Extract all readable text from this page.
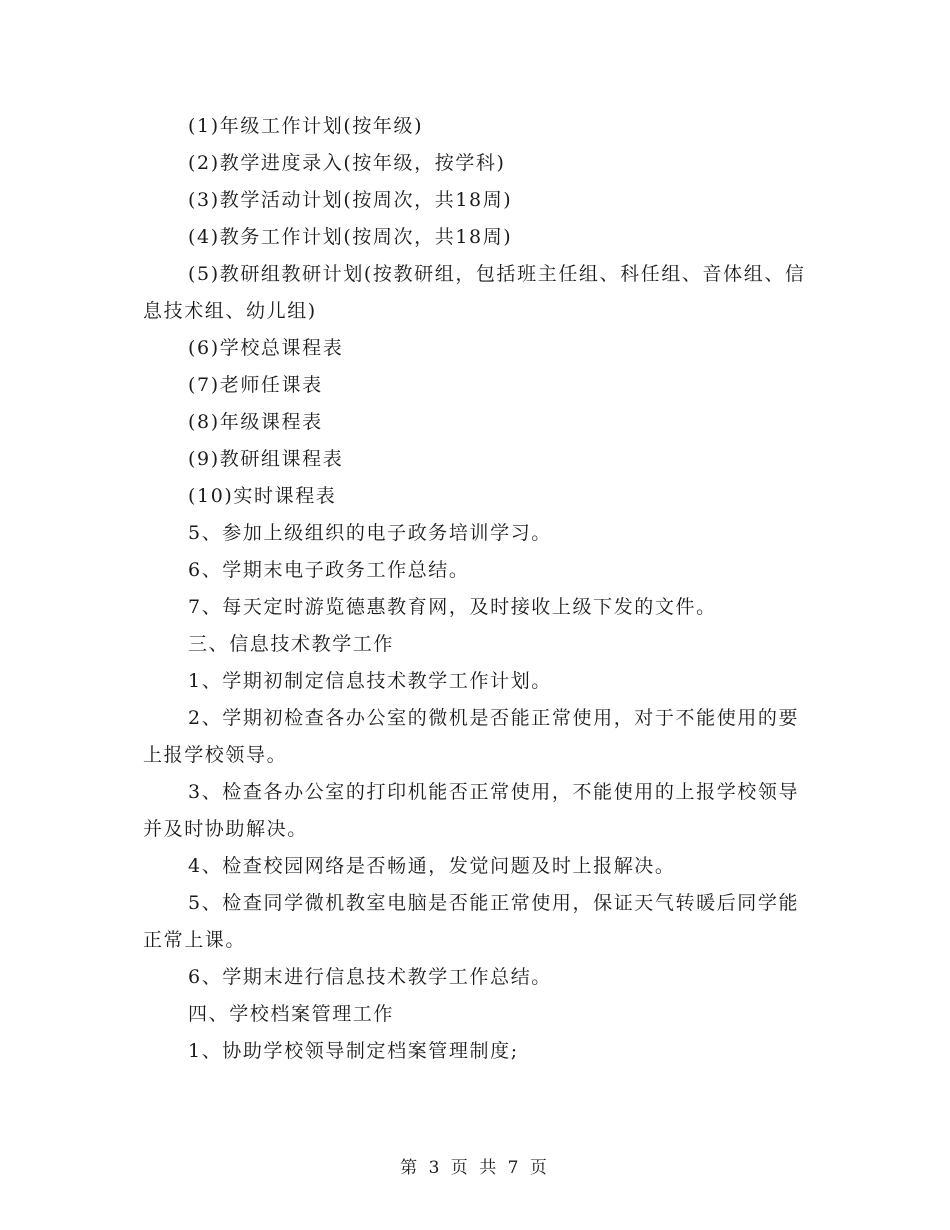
(1)年级工作计划(按年级)

(2)教学进度录入(按年级，按学科)

(3)教学活动计划(按周次，共18周)

(4)教务工作计划(按周次，共18周)

(5)教研组教研计划(按教研组，包括班主任组、科任组、音体组、信息技术组、幼儿组)

(6)学校总课程表

(7)老师任课表

(8)年级课程表

(9)教研组课程表

(10)实时课程表

5、参加上级组织的电子政务培训学习。

6、学期末电子政务工作总结。

7、每天定时游览德惠教育网，及时接收上级下发的文件。

三、信息技术教学工作

1、学期初制定信息技术教学工作计划。

2、学期初检查各办公室的微机是否能正常使用，对于不能使用的要上报学校领导。

3、检查各办公室的打印机能否正常使用，不能使用的上报学校领导并及时协助解决。

4、检查校园网络是否畅通，发觉问题及时上报解决。

5、检查同学微机教室电脑是否能正常使用，保证天气转暖后同学能正常上课。

6、学期末进行信息技术教学工作总结。

四、学校档案管理工作

1、协助学校领导制定档案管理制度;

第 3 页 共 7 页
